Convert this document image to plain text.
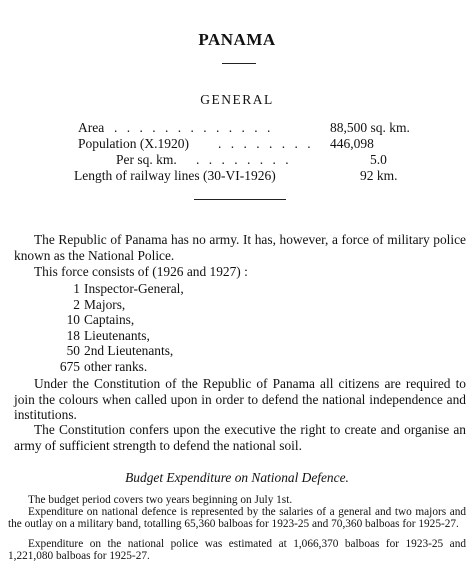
PANAMA
GENERAL
Area . . . . . . . . . . . . .	88,500 sq. km.
Population (X.1920) . . . . . . . . 446,098
Per sq. km. . . . . . . . .	5.0
Length of railway lines (30-VI-1926)	92 km.
The Republic of Panama has no army. It has, however, a force of military police known as the National Police.
This force consists of (1926 and 1927) :
1 Inspector-General,
2 Majors,
10 Captains,
18 Lieutenants,
50 2nd Lieutenants,
675 other ranks.
Under the Constitution of the Republic of Panama all citizens are required to join the colours when called upon in order to defend the national independence and institutions.
The Constitution confers upon the executive the right to create and organise an army of sufficient strength to defend the national soil.
Budget Expenditure on National Defence.
The budget period covers two years beginning on July 1st.
Expenditure on national defence is represented by the salaries of a general and two majors and the outlay on a military band, totalling 65,360 balboas for 1923-25 and 70,360 balboas for 1925-27.
Expenditure on the national police was estimated at 1,066,370 balboas for 1923-25 and 1,221,080 balboas for 1925-27.
